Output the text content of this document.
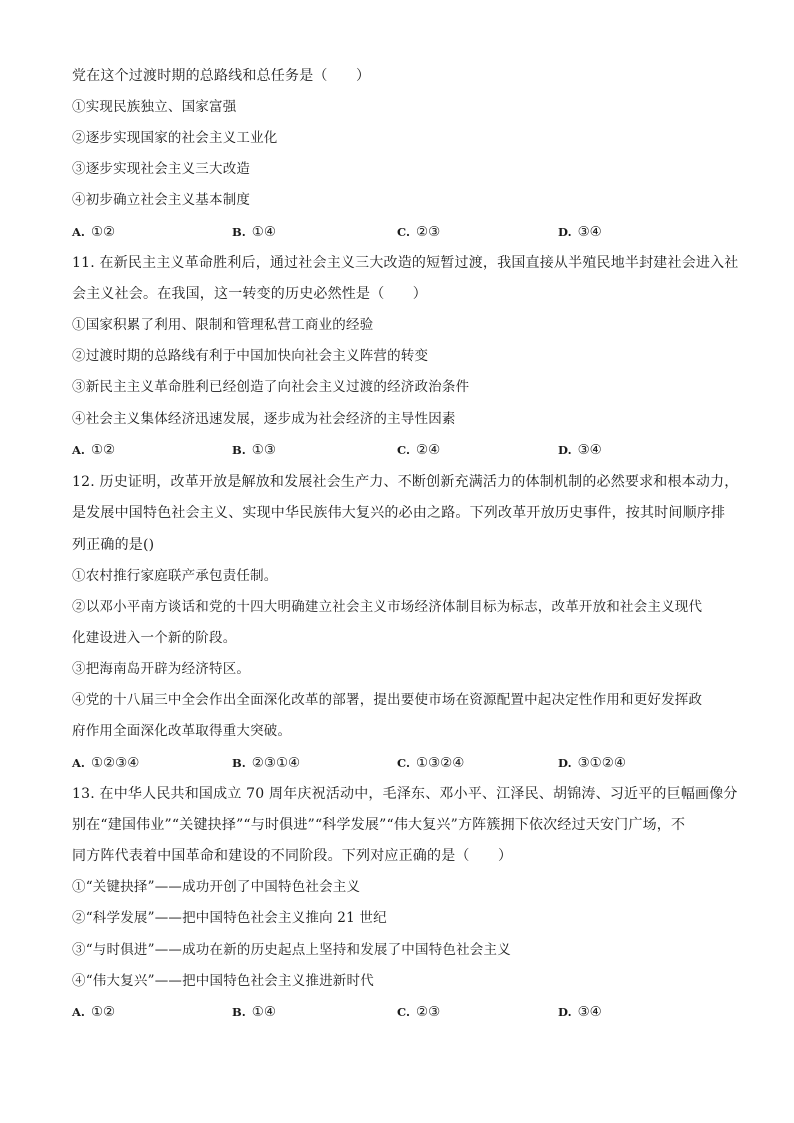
党在这个过渡时期的总路线和总任务是（　　）
①实现民族独立、国家富强
②逐步实现国家的社会主义工业化
③逐步实现社会主义三大改造
④初步确立社会主义基本制度
A. ①②	B. ①④	C. ②③	D. ③④
11. 在新民主主义革命胜利后，通过社会主义三大改造的短暂过渡，我国直接从半殖民地半封建社会进入社
会主义社会。在我国，这一转变的历史必然性是（　　）
①国家积累了利用、限制和管理私营工商业的经验
②过渡时期的总路线有利于中国加快向社会主义阵营的转变
③新民主主义革命胜利已经创造了向社会主义过渡的经济政治条件
④社会主义集体经济迅速发展，逐步成为社会经济的主导性因素
A. ①②	B. ①③	C. ②④	D. ③④
12. 历史证明，改革开放是解放和发展社会生产力、不断创新充满活力的体制机制的必然要求和根本动力，
是发展中国特色社会主义、实现中华民族伟大复兴的必由之路。下列改革开放历史事件，按其时间顺序排
列正确的是()
①农村推行家庭联产承包责任制。
②以邓小平南方谈话和党的十四大明确建立社会主义市场经济体制目标为标志，改革开放和社会主义现代
化建设进入一个新的阶段。
③把海南岛开辟为经济特区。
④党的十八届三中全会作出全面深化改革的部署，提出要使市场在资源配置中起决定性作用和更好发挥政
府作用全面深化改革取得重大突破。
A. ①②③④	B. ②③①④	C. ①③②④	D. ③①②④
13. 在中华人民共和国成立 70 周年庆祝活动中，毛泽东、邓小平、江泽民、胡锦涛、习近平的巨幅画像分
别在“建国伟业”“关键抉择”“与时俱进”“科学发展”“伟大复兴”方阵簇拥下依次经过天安门广场，不
同方阵代表着中国革命和建设的不同阶段。下列对应正确的是（　　）
①“关键抉择”——成功开创了中国特色社会主义
②“科学发展”——把中国特色社会主义推向 21 世纪
③“与时俱进”——成功在新的历史起点上坚持和发展了中国特色社会主义
④“伟大复兴”——把中国特色社会主义推进新时代
A. ①②	B. ①④	C. ②③	D. ③④
